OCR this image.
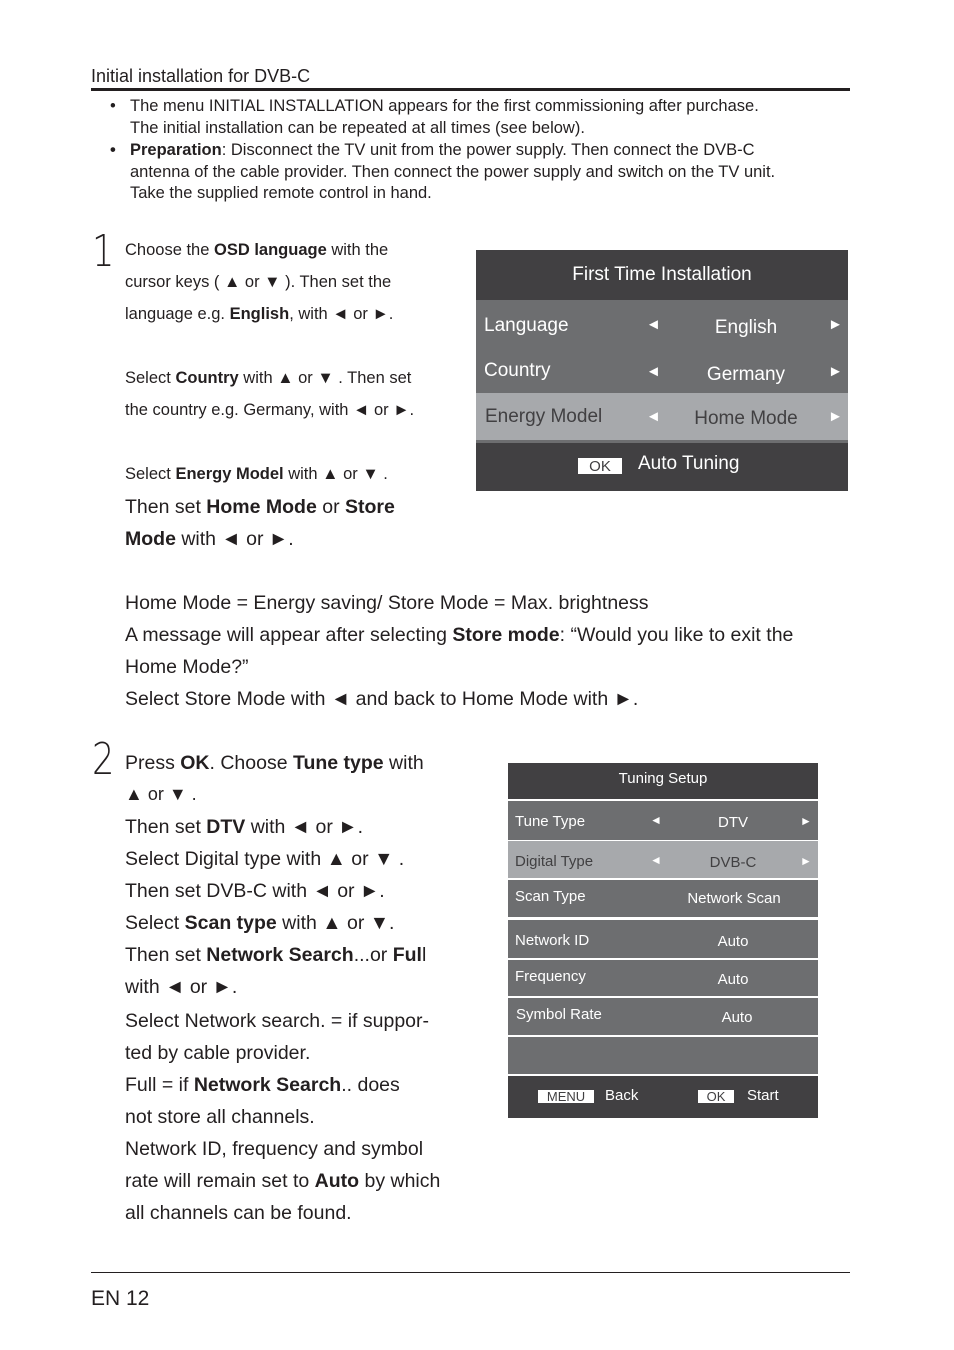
Initial installation for DVB-C
• The menu INITIAL INSTALLATION appears for the first commissioning after purchase.
The initial installation can be repeated at all times (see below).
• Preparation: Disconnect the TV unit from the power supply. Then connect the DVB-C
antenna of the cable provider. Then connect the power supply and switch on the TV unit.
Take the supplied remote control in hand.
1 Choose the OSD language with the
cursor keys ( ▲ or ▼ ). Then set the
language e.g. English, with ◄ or ►.
Select Country with ▲ or ▼ . Then set
the country e.g. Germany, with ◄ or ►.
Select Energy Model with ▲ or ▼ .
Then set Home Mode or Store
Mode with ◄ or ►.
Home Mode = Energy saving/ Store Mode = Max. brightness
A message will appear after selecting Store mode: “Would you like to exit the
Home Mode?”
Select Store Mode with ◄ and back to Home Mode with ►.
First Time Installation
Language	◄	English	►
Country	◄	Germany	►
Energy Model	◄	Home Mode	►
OK	Auto Tuning
2 Press OK. Choose Tune type with
▲ or ▼ .
Then set DTV with ◄ or ►.
Select Digital type with ▲ or ▼ .
Then set DVB-C with ◄ or ►.
Select Scan type with ▲ or ▼.
Then set Network Search...or Full
with ◄ or ►.
Select Network search. = if suppor-
ted by cable provider.
Full = if Network Search.. does
not store all channels.
Network ID, frequency and symbol
rate will remain set to Auto by which
all channels can be found.
Tuning Setup
Tune Type	◄	DTV	►
Digital Type	◄	DVB-C	►
Scan Type	Network Scan
Network ID	Auto
Frequency	Auto
Symbol Rate	Auto
MENU	Back	OK	Start
EN 12
